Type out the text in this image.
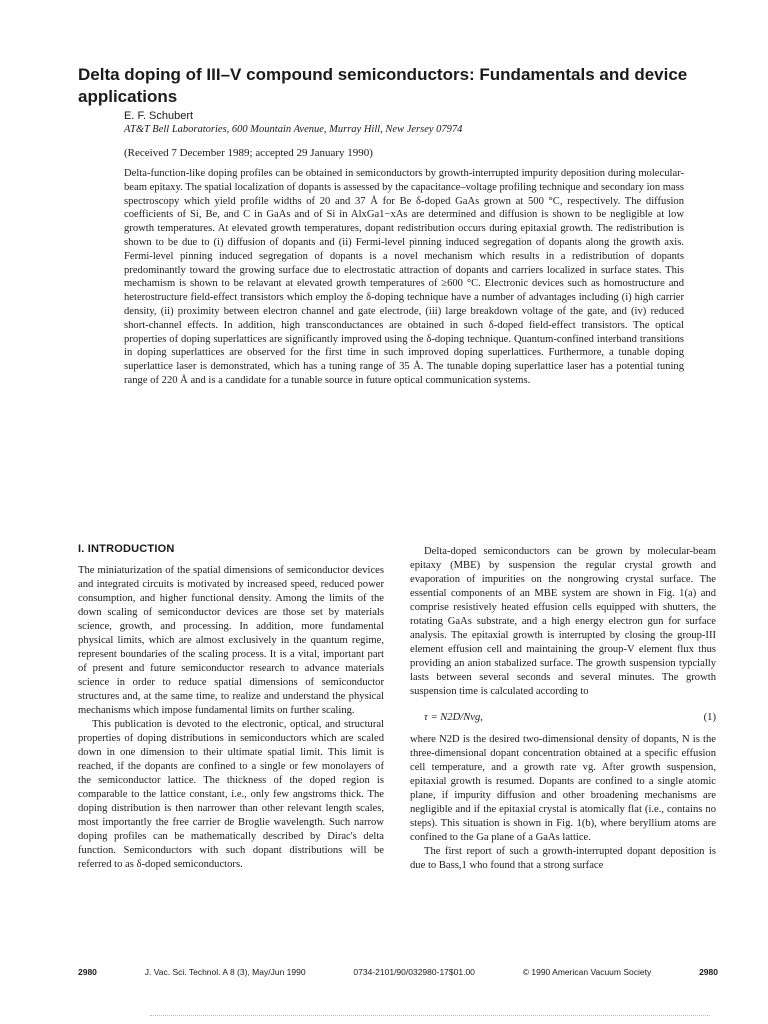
Delta doping of III–V compound semiconductors: Fundamentals and device applications
E. F. Schubert
AT&T Bell Laboratories, 600 Mountain Avenue, Murray Hill, New Jersey 07974
(Received 7 December 1989; accepted 29 January 1990)

Delta-function-like doping profiles can be obtained in semiconductors by growth-interrupted impurity deposition during molecular-beam epitaxy. The spatial localization of dopants is assessed by the capacitance–voltage profiling technique and secondary ion mass spectroscopy which yield profile widths of 20 and 37 Å for Be δ-doped GaAs grown at 500 °C, respectively. The diffusion coefficients of Si, Be, and C in GaAs and of Si in AlxGa1−xAs are determined and diffusion is shown to be negligible at low growth temperatures. At elevated growth temperatures, dopant redistribution occurs during epitaxial growth. The redistribution is shown to be due to (i) diffusion of dopants and (ii) Fermi-level pinning induced segregation of dopants along the growth axis. Fermi-level pinning induced segregation of dopants is a novel mechanism which results in a redistribution of dopants predominantly toward the growing surface due to electrostatic attraction of dopants and carriers localized in surface states. This mechamism is shown to be relavant at elevated growth temperatures of ≥600 °C. Electronic devices such as homostructure and heterostructure field-effect transistors which employ the δ-doping technique have a number of advantages including (i) high carrier density, (ii) proximity between electron channel and gate electrode, (iii) large breakdown voltage of the gate, and (iv) reduced short-channel effects. In addition, high transconductances are obtained in such δ-doped field-effect transistors. The optical properties of doping superlattices are significantly improved using the δ-doping technique. Quantum-confined interband transitions in doping superlattices are observed for the first time in such improved doping superlattices. Furthermore, a tunable doping superlattice laser is demonstrated, which has a tuning range of 35 Å. The tunable doping superlattice laser has a potential tuning range of 220 Å and is a candidate for a tunable source in future optical communication systems.

I. INTRODUCTION

The miniaturization of the spatial dimensions of semiconductor devices and integrated circuits is motivated by increased speed, reduced power consumption, and higher functional density. Among the limits of the down scaling of semiconductor devices are those set by materials science, growth, and processing. In addition, more fundamental physical limits, which are almost exclusively in the quantum regime, represent boundaries of the scaling process. It is a vital, important part of present and future semiconductor research to advance materials science in order to reduce spatial dimensions of semiconductor structures and, at the same time, to realize and understand the physical mechanisms which impose fundamental limits on further scaling.

This publication is devoted to the electronic, optical, and structural properties of doping distributions in semiconductors which are scaled down in one dimension to their ultimate spatial limit. This limit is reached, if the dopants are confined to a single or few monolayers of the semiconductor lattice. The thickness of the doped region is comparable to the lattice constant, i.e., only few angstroms thick. The doping distribution is then narrower than other relevant length scales, most importantly the free carrier de Broglie wavelength. Such narrow doping profiles can be mathematically described by Dirac's delta function. Semiconductors with such dopant distributions will be referred to as δ-doped semiconductors.

Delta-doped semiconductors can be grown by molecular-beam epitaxy (MBE) by suspension the regular crystal growth and evaporation of impurities on the nongrowing crystal surface. The essential components of an MBE system are shown in Fig. 1(a) and comprise resistively heated effusion cells equipped with shutters, the rotating GaAs substrate, and a high energy electron gun for surface analysis. The epitaxial growth is interrupted by closing the group-III element effusion cell and maintaining the group-V element flux thus providing an anion stabalized surface. The growth suspension typcially lasts between several seconds and several minutes. The growth suspension time is calculated according to

τ = N2D/Nvg,	(1)

where N2D is the desired two-dimensional density of dopants, N is the three-dimensional dopant concentration obtained at a specific effusion cell temperature, and a growth rate vg. After growth suspension, epitaxial growth is resumed. Dopants are confined to a single atomic plane, if impurity diffusion and other broadening mechanisms are negligible and if the epitaxial crystal is atomically flat (i.e., contains no steps). This situation is shown in Fig. 1(b), where beryllium atoms are confined to the Ga plane of a GaAs lattice.

The first report of such a growth-interrupted dopant deposition is due to Bass,1 who found that a strong surface

2980	J. Vac. Sci. Technol. A 8 (3), May/Jun 1990	0734-2101/90/032980-17$01.00	© 1990 American Vacuum Society	2980
